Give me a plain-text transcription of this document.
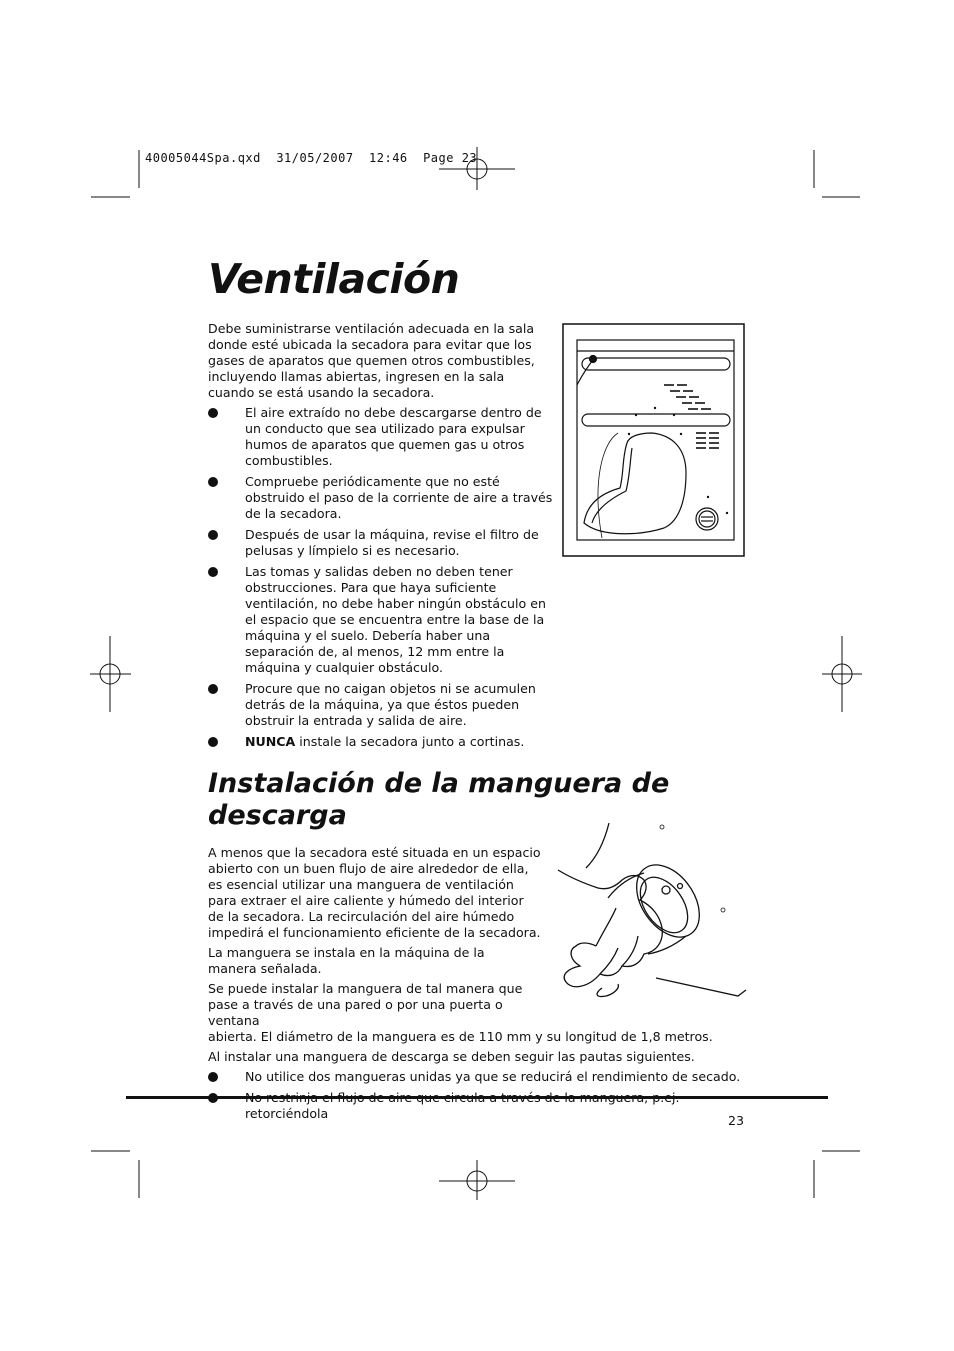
40005044Spa.qxd  31/05/2007  12:46  Page 23
Ventilación

Debe suministrarse ventilación adecuada en la sala donde esté ubicada la secadora para evitar que los gases de aparatos que quemen otros combustibles, incluyendo llamas abiertas, ingresen en la sala cuando se está usando la secadora.

El aire extraído no debe descargarse dentro de un conducto que sea utilizado para expulsar humos de aparatos que quemen gas u otros combustibles.
Compruebe periódicamente que no esté obstruido el paso de la corriente de aire a través de la secadora.
Después de usar la máquina, revise el filtro de pelusas y límpielo si es necesario.
Las tomas y salidas deben no deben tener obstrucciones. Para que haya suficiente ventilación, no debe haber ningún obstáculo en el espacio que se encuentra entre la base de la máquina y el suelo. Debería haber una separación de, al menos, 12 mm entre la máquina y cualquier obstáculo.
Procure que no caigan objetos ni se acumulen detrás de la máquina, ya que éstos pueden obstruir la entrada y salida de aire.
NUNCA instale la secadora junto a cortinas.
Instalación de la manguera de descarga

A menos que la secadora esté situada en un espacio abierto con un buen flujo de aire alrededor de ella, es esencial utilizar una manguera de ventilación para extraer el aire caliente y húmedo del interior de la secadora. La recirculación del aire húmedo impedirá el funcionamiento eficiente de la secadora.

La manguera se instala en la máquina de la manera señalada.

Se puede instalar la manguera de tal manera que pase a través de una pared o por una puerta o ventana
abierta. El diámetro de la manguera es de 110 mm y su longitud de 1,8 metros.

Al instalar una manguera de descarga se deben seguir las pautas siguientes.

No utilice dos mangueras unidas ya que se reducirá el rendimiento de secado.
retorciéndola	23
